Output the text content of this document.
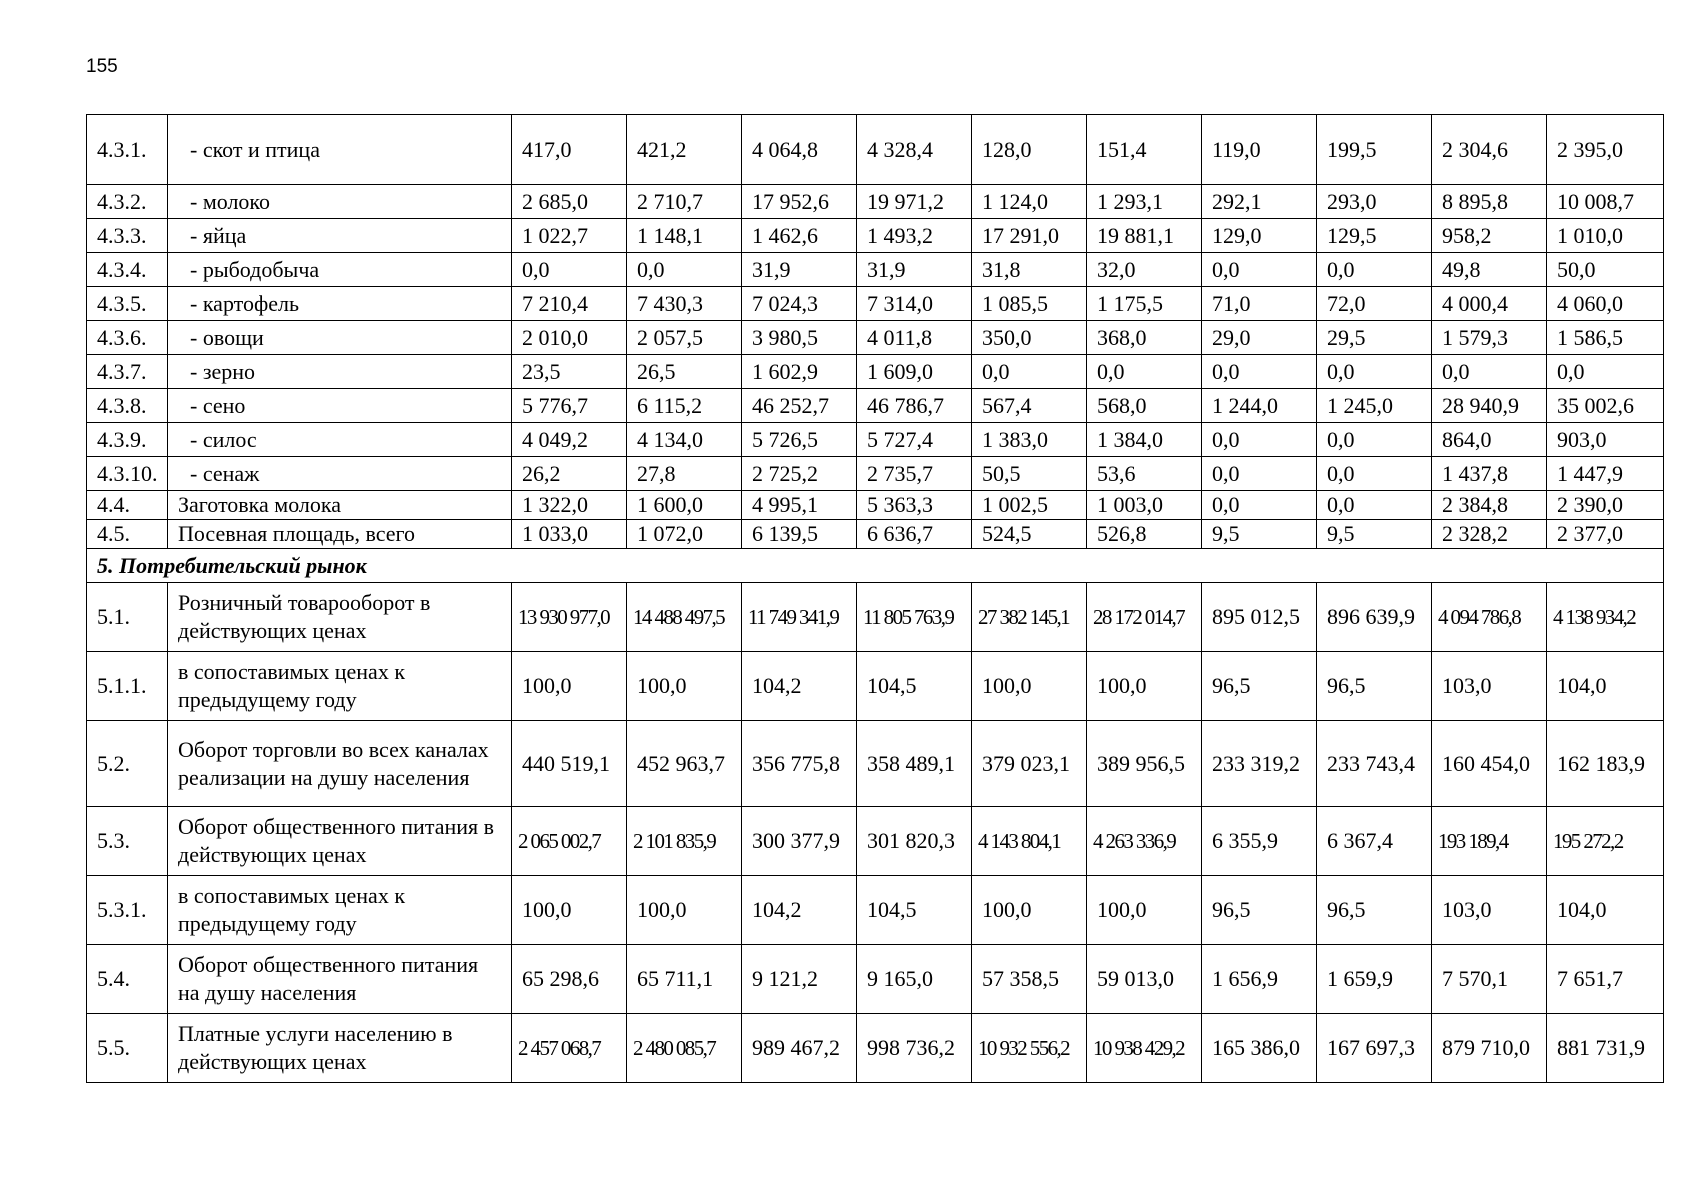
155
4.3.1.	- скот и птица	417,0	421,2	4 064,8	4 328,4	128,0	151,4	119,0	199,5	2 304,6	2 395,0
4.3.2.	- молоко	2 685,0	2 710,7	17 952,6	19 971,2	1 124,0	1 293,1	292,1	293,0	8 895,8	10 008,7
4.3.3.	- яйца	1 022,7	1 148,1	1 462,6	1 493,2	17 291,0	19 881,1	129,0	129,5	958,2	1 010,0
4.3.4.	- рыбодобыча	0,0	0,0	31,9	31,9	31,8	32,0	0,0	0,0	49,8	50,0
4.3.5.	- картофель	7 210,4	7 430,3	7 024,3	7 314,0	1 085,5	1 175,5	71,0	72,0	4 000,4	4 060,0
4.3.6.	- овощи	2 010,0	2 057,5	3 980,5	4 011,8	350,0	368,0	29,0	29,5	1 579,3	1 586,5
4.3.7.	- зерно	23,5	26,5	1 602,9	1 609,0	0,0	0,0	0,0	0,0	0,0	0,0
4.3.8.	- сено	5 776,7	6 115,2	46 252,7	46 786,7	567,4	568,0	1 244,0	1 245,0	28 940,9	35 002,6
4.3.9.	- силос	4 049,2	4 134,0	5 726,5	5 727,4	1 383,0	1 384,0	0,0	0,0	864,0	903,0
4.3.10.	- сенаж	26,2	27,8	2 725,2	2 735,7	50,5	53,6	0,0	0,0	1 437,8	1 447,9
4.4.	Заготовка молока	1 322,0	1 600,0	4 995,1	5 363,3	1 002,5	1 003,0	0,0	0,0	2 384,8	2 390,0
4.5.	Посевная площадь, всего	1 033,0	1 072,0	6 139,5	6 636,7	524,5	526,8	9,5	9,5	2 328,2	2 377,0
5. Потребительский рынок											
5.1.	Розничный товарооборот в действующих ценах	13 930 977,0	14 488 497,5	11 749 341,9	11 805 763,9	27 382 145,1	28 172 014,7	895 012,5	896 639,9	4 094 786,8	4 138 934,2
5.1.1.	в сопоставимых ценах к предыдущему году	100,0	100,0	104,2	104,5	100,0	100,0	96,5	96,5	103,0	104,0
5.2.	Оборот торговли во всех каналах реализации на душу населения	440 519,1	452 963,7	356 775,8	358 489,1	379 023,1	389 956,5	233 319,2	233 743,4	160 454,0	162 183,9
5.3.	Оборот общественного питания в действующих ценах	2 065 002,7	2 101 835,9	300 377,9	301 820,3	4 143 804,1	4 263 336,9	6 355,9	6 367,4	193 189,4	195 272,2
5.3.1.	в сопоставимых ценах к предыдущему году	100,0	100,0	104,2	104,5	100,0	100,0	96,5	96,5	103,0	104,0
5.4.	Оборот общественного питания на душу населения	65 298,6	65 711,1	9 121,2	9 165,0	57 358,5	59 013,0	1 656,9	1 659,9	7 570,1	7 651,7
5.5.	Платные услуги населению в действующих ценах	2 457 068,7	2 480 085,7	989 467,2	998 736,2	10 932 556,2	10 938 429,2	165 386,0	167 697,3	879 710,0	881 731,9
